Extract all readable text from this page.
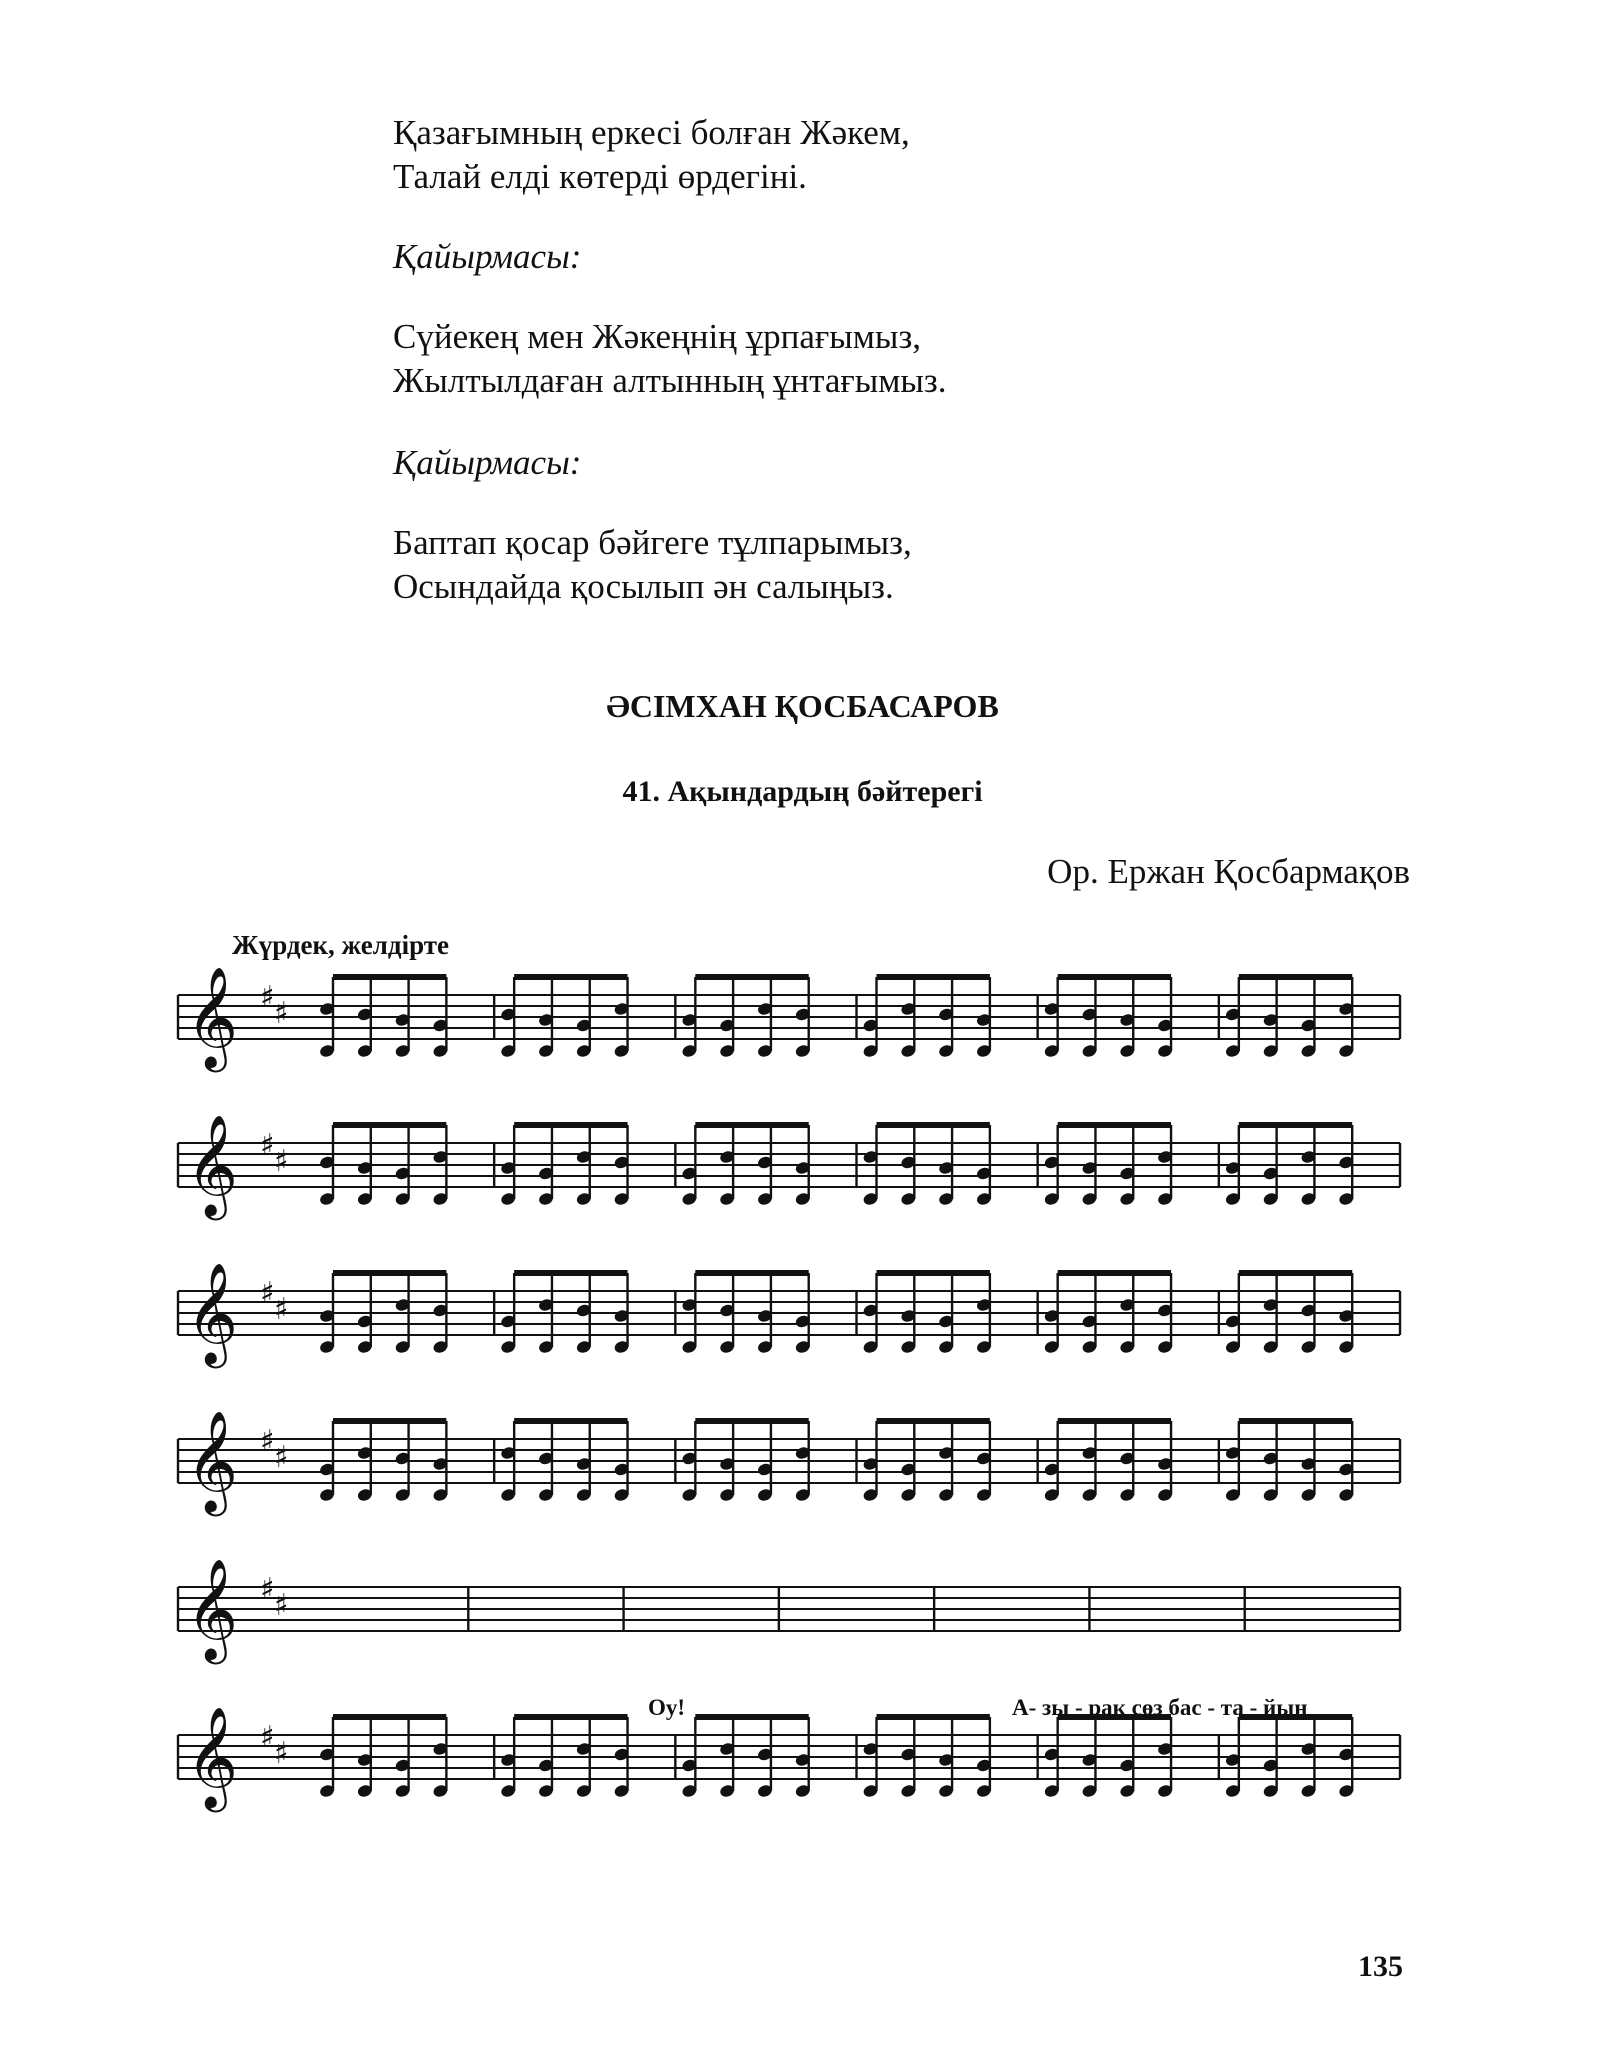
Қазағымның еркесі болған Жәкем,
Талай елді көтерді өрдегіні.
Қайырмасы:
Сүйекең мен Жәкеңнің ұрпағымыз,
Жылтылдаған алтынның ұнтағымыз.
Қайырмасы:
Баптап қосар бәйгеге тұлпарымыз,
Осындайда қосылып ән салыңыз.
ӘСІМХАН ҚОСБАСАРОВ
41. Ақындардың бәйтерегі
Ор. Ержан Қосбармақов
Жүрдек, желдірте
𝄞
𝄞
𝄞
𝄞
𝄞
𝄞
♯ ♯
♯ ♯
♯ ♯
♯ ♯
♯ ♯
♯ ♯
Оу!	А- зы - рақ сөз бас - та - йын
135
